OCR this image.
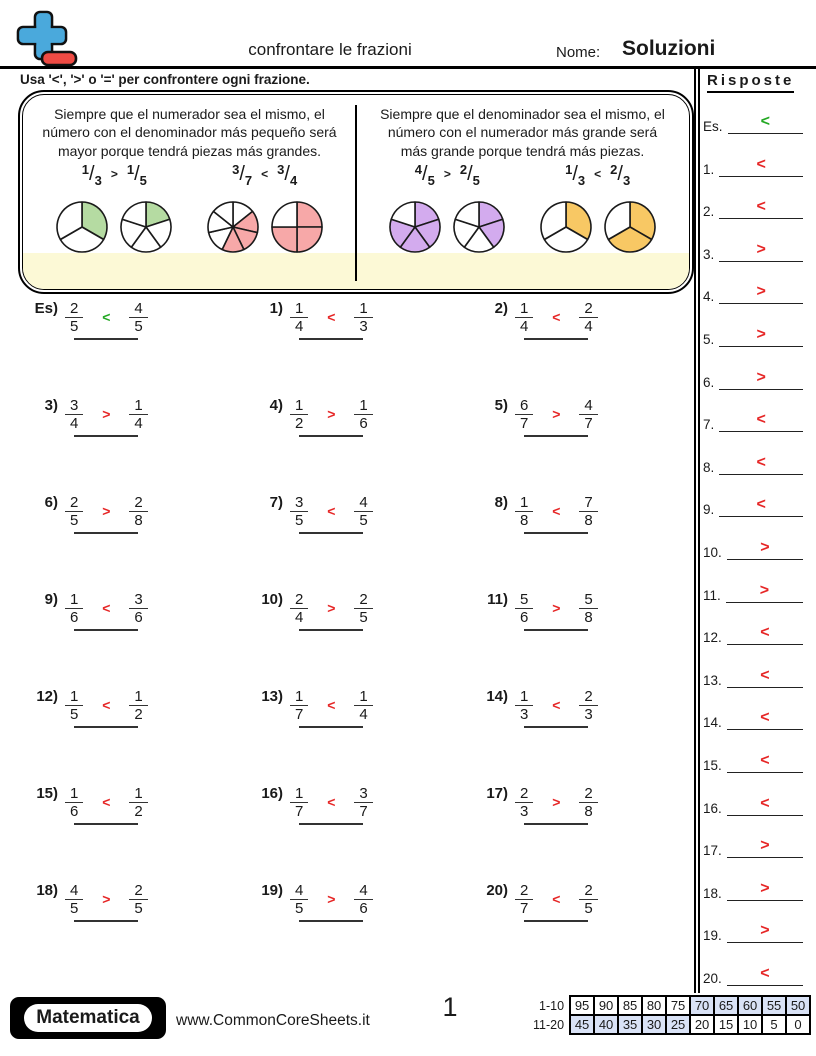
confrontare le frazioni	Nome: Soluzioni
Usa '<', '>' o '=' per confrontere ogni frazione.
Siempre que el numerador sea el mismo, el número con el denominador más pequeño será mayor porque tendrá piezas más grandes.
1/3 > 1/5
3/7 < 3/4
Siempre que el denominador sea el mismo, el número con el numerador más grande será más grande porque tendrá más piezas.
4/5 > 2/5
1/3 < 2/3
$Es) \frac{2}{5}$	<	$\frac{4}{5}$	$1) \frac{1}{4}$	<	$\frac{1}{3}$	$2) \frac{1}{4}$	<	$\frac{2}{4}$
$3) \frac{3}{4}$	>	$\frac{1}{4}$	$4) \frac{1}{2}$	>	$\frac{1}{6}$	$5) \frac{6}{7}$	>	$\frac{4}{7}$
$6) \frac{2}{5}$	>	$\frac{2}{8}$	$7) \frac{3}{5}$	<	$\frac{4}{5}$	$8) \frac{1}{8}$	<	$\frac{7}{8}$
$9) \frac{1}{6}$	<	$\frac{3}{6}$	$10) \frac{2}{4}$	>	$\frac{2}{5}$	$11) \frac{5}{6}$	>	$\frac{5}{8}$
$12) \frac{1}{5}$	<	$\frac{1}{2}$	$13) \frac{1}{7}$	<	$\frac{1}{4}$	$14) \frac{1}{3}$	<	$\frac{2}{3}$
$15) \frac{1}{6}$	<	$\frac{1}{2}$	$16) \frac{1}{7}$	<	$\frac{3}{7}$	$17) \frac{2}{3}$	>	$\frac{2}{8}$
$18) \frac{4}{5}$	>	$\frac{2}{5}$	$19) \frac{4}{5}$	>	$\frac{4}{6}$	$20) \frac{2}{7}$	<	$\frac{2}{5}$
Risposte
Es.	<
1.	<
2.	<
3.	>
4.	>
5.	>
6.	>
7.	<
8.	<
9.	<
10.	>
11.	>
12.	<
13.	<
14.	<
15.	<
16.	<
17.	>
18.	>
19.	>
20.	<
Matematica	www.CommonCoreSheets.it	1	1-10	95	90	85	80	75	70	65	60	55	50
11-20	45	40	35	30	25	20	15	10	5	0
